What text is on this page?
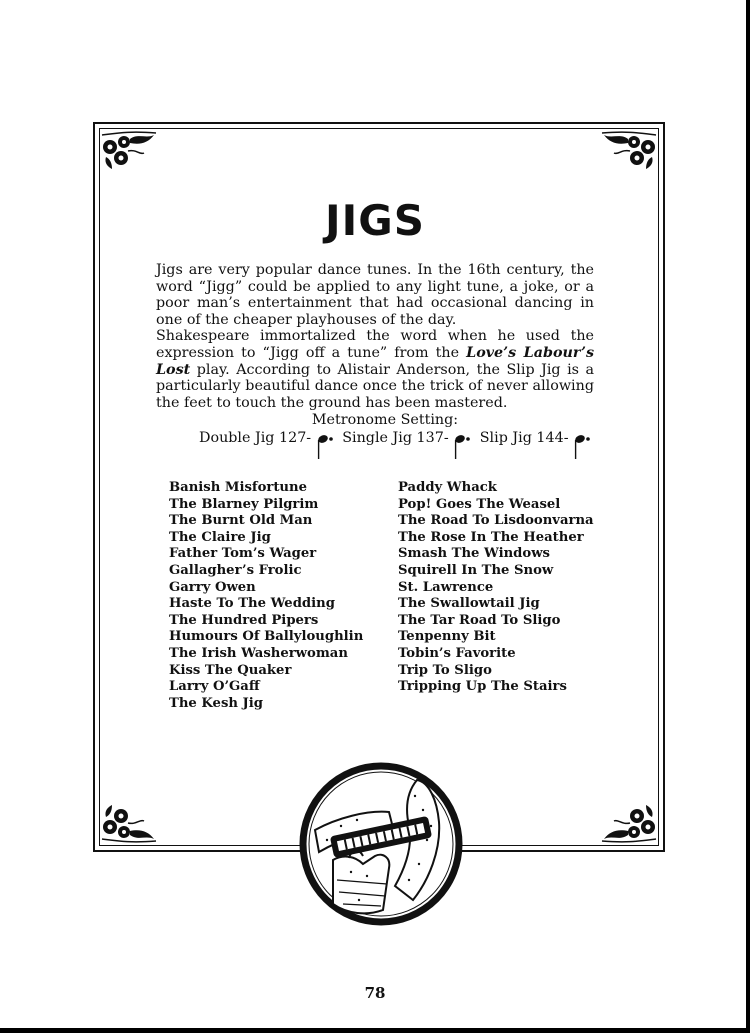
JIGS

Jigs are very popular dance tunes. In the 16th century, the word “Jigg” could be applied to any light tune, a joke, or a poor man’s entertainment that had occasional dancing in one of the cheaper playhouses of the day.

Shakespeare immortalized the word when he used the expression to “Jigg off a tune” from the Love’s Labour’s Lost play. According to Alistair Anderson, the Slip Jig is a particularly beautiful dance once the trick of never allowing the feet to touch the ground has been mastered.

Metronome Setting:

Double Jig 127- Single Jig 137- Slip Jig 144-
Banish Misfortune
The Blarney Pilgrim
The Burnt Old Man
The Claire Jig
Father Tom’s Wager
Gallagher’s Frolic
Garry Owen
Haste To The Wedding
The Hundred Pipers
Humours Of Ballyloughlin
The Irish Washerwoman
Kiss The Quaker
Larry O’Gaff
The Kesh Jig
Paddy Whack
Pop! Goes The Weasel
The Road To Lisdoonvarna
The Rose In The Heather
Smash The Windows
Squirell In The Snow
St. Lawrence
The Swallowtail Jig
The Tar Road To Sligo
Tenpenny Bit
Tobin’s Favorite
Trip To Sligo
Tripping Up The Stairs

78
